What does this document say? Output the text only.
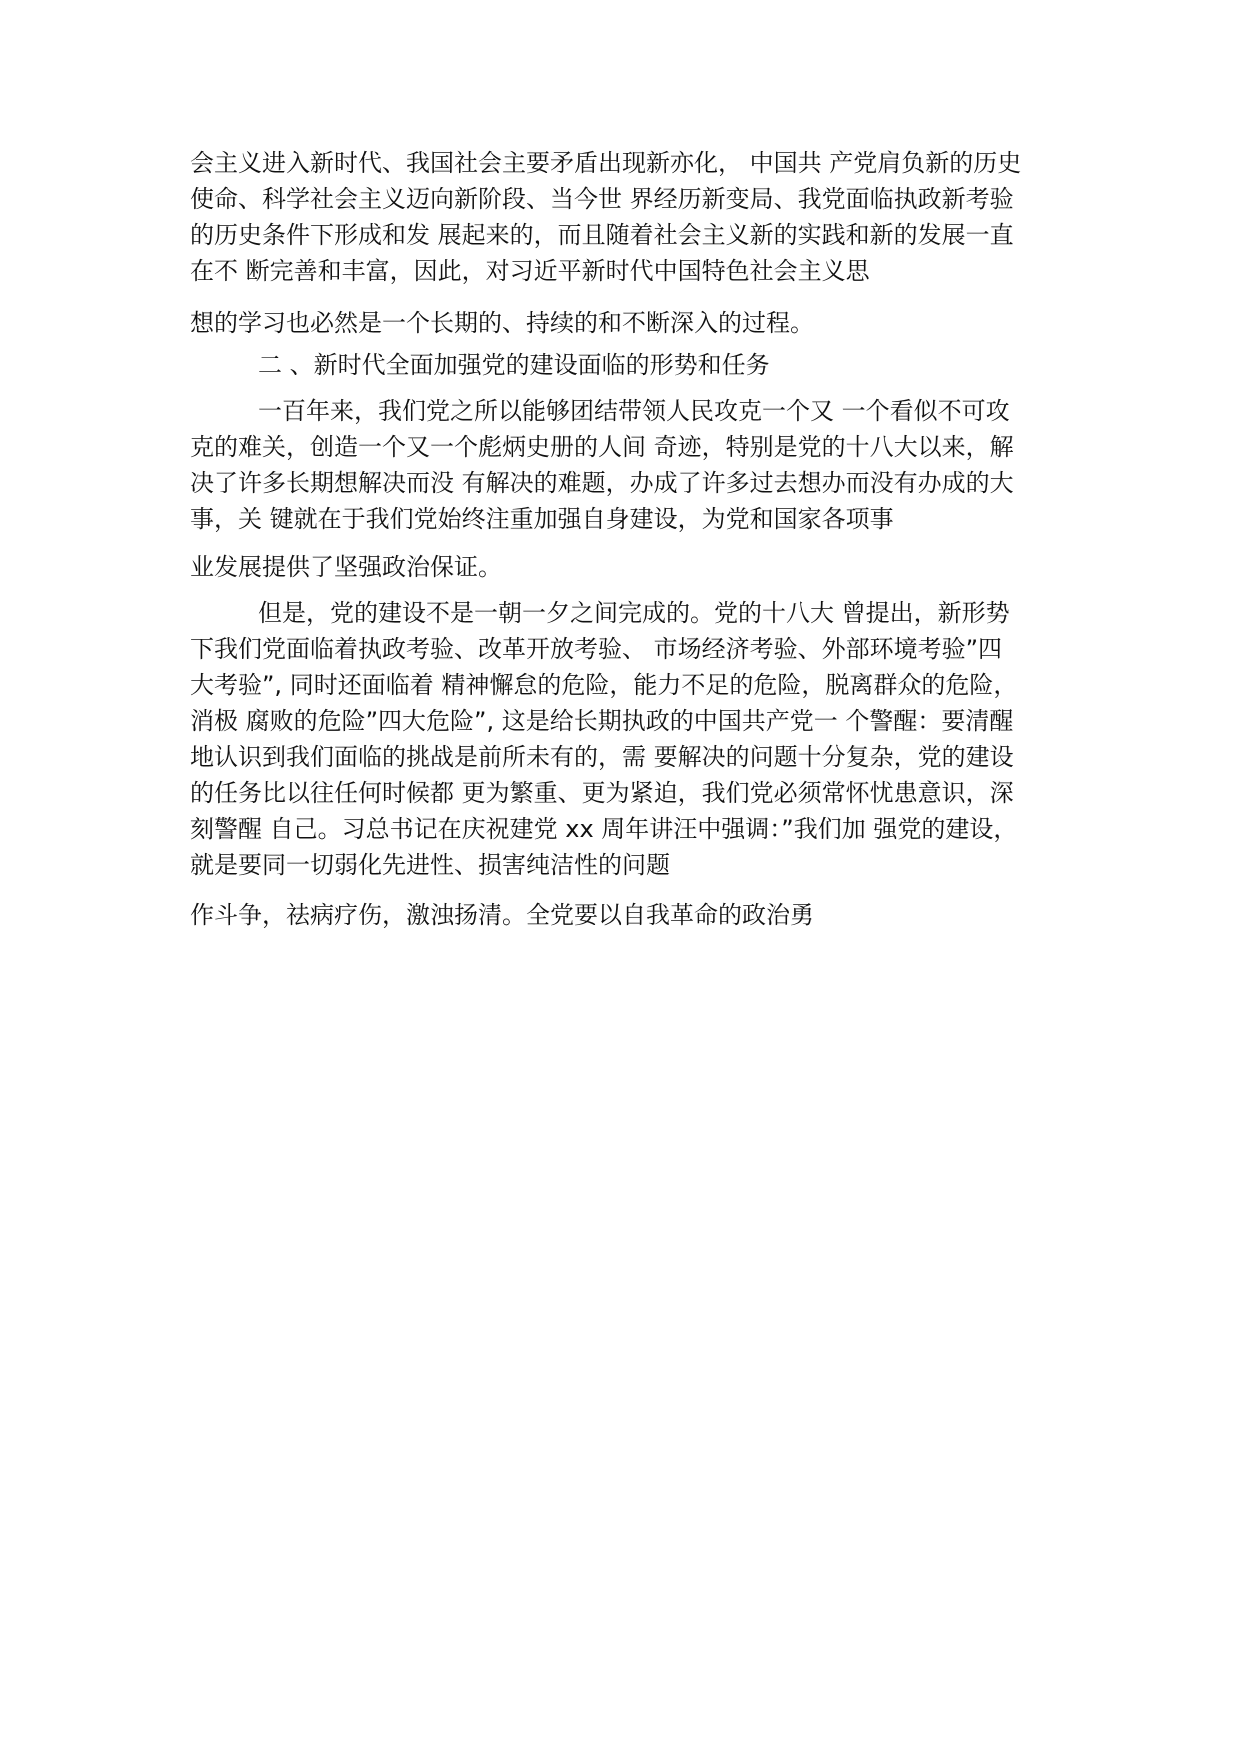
会主义进入新时代、我国社会主要矛盾出现新亦化， 中国共 产党肩负新的历史
使命、科学社会主义迈向新阶段、当今世 界经历新变局、我党面临执政新考验
的历史条件下形成和发 展起来的，而且随着社会主义新的实践和新的发展一直
在不 断完善和丰富，因此，对习近平新时代中国特色社会主义思
想的学习也必然是一个长期的、持续的和不断深入的过程。
二 、新时代全面加强党的建设面临的形势和任务
一百年来，我们党之所以能够团结带领人民攻克一个又 一个看似不可攻
克的难关，创造一个又一个彪炳史册的人间 奇迹，特别是党的十八大以来，解
决了许多长期想解决而没 有解决的难题，办成了许多过去想办而没有办成的大
事，关 键就在于我们党始终注重加强自身建设，为党和国家各项事
业发展提供了坚强政治保证。
但是，党的建设不是一朝一夕之间完成的。党的十八大 曾提出，新形势
下我们党面临着执政考验、改革开放考验、 市场经济考验、外部环境考验”四
大考验”, 同时还面临着 精神懈怠的危险，能力不足的危险，脱离群众的危险，
消极 腐败的危险”四大危险”, 这是给长期执政的中国共产党一 个警醒：要清醒
地认识到我们面临的挑战是前所未有的，需 要解决的问题十分复杂，党的建设
的任务比以往任何时候都 更为繁重、更为紧迫，我们党必须常怀忧患意识，深
刻警醒 自己。习总书记在庆祝建党 xx 周年讲汪中强调：”我们加 强党的建设，
就是要同一切弱化先进性、损害纯洁性的问题
作斗争，祛病疗伤，激浊扬清。全党要以自我革命的政治勇
